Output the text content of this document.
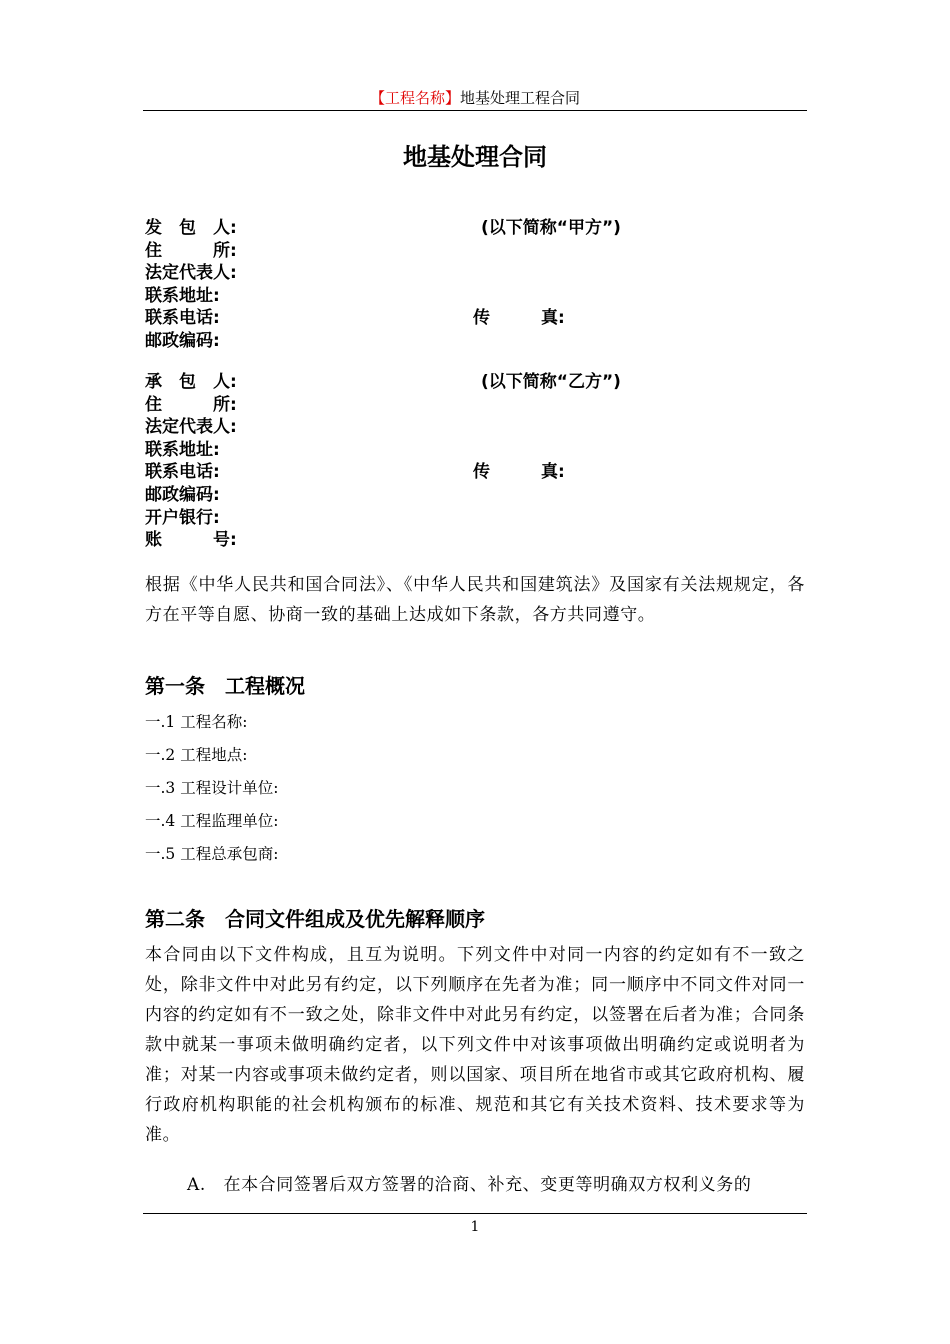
【工程名称】地基处理工程合同
地基处理合同
发　包　人:	(以下简称“甲方”)
住　　　所:
法定代表人:
联系地址:
联系电话:	传　　　真:
邮政编码:
承　包　人:	(以下简称“乙方”)
住　　　所:
法定代表人:
联系地址:
联系电话:	传　　　真:
邮政编码:
开户银行:
账　　　号:
根据《中华人民共和国合同法》、《中华人民共和国建筑法》及国家有关法规规定，各方在平等自愿、协商一致的基础上达成如下条款，各方共同遵守。
第一条　工程概况
一.1 工程名称:
一.2 工程地点:
一.3 工程设计单位:
一.4 工程监理单位:
一.5 工程总承包商:
第二条　合同文件组成及优先解释顺序
本合同由以下文件构成，且互为说明。下列文件中对同一内容的约定如有不一致之处，除非文件中对此另有约定，以下列顺序在先者为准；同一顺序中不同文件对同一内容的约定如有不一致之处，除非文件中对此另有约定，以签署在后者为准；合同条款中就某一事项未做明确约定者，以下列文件中对该事项做出明确约定或说明者为准；对某一内容或事项未做约定者，则以国家、项目所在地省市或其它政府机构、履行政府机构职能的社会机构颁布的标准、规范和其它有关技术资料、技术要求等为准。
A.　在本合同签署后双方签署的洽商、补充、变更等明确双方权利义务的
1
